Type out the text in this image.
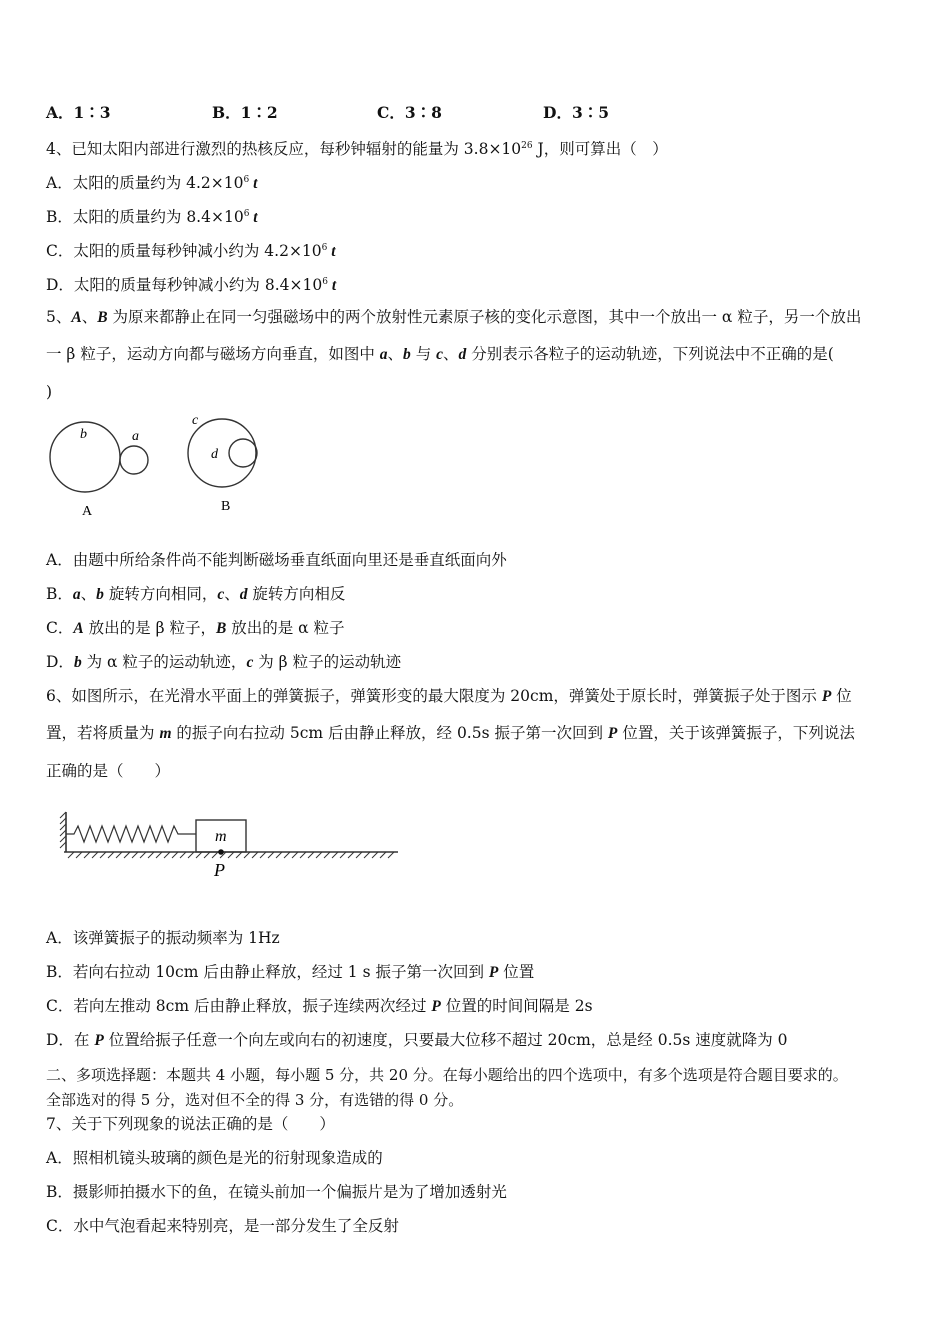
A．1∶3	B．1∶2	C．3∶8	D．3∶5
4、已知太阳内部进行激烈的热核反应，每秒钟辐射的能量为 $3.8\times 10^{26}$ J，则可算出（　）
A．太阳的质量约为 $4.2\times 10^6$ t
B．太阳的质量约为 $8.4\times 10^6$ t
C．太阳的质量每秒钟减小约为 $4.2\times 10^6$ t
D．太阳的质量每秒钟减小约为 $8.4\times 10^6$ t
5、A、B 为原来都静止在同一匀强磁场中的两个放射性元素原子核的变化示意图，其中一个放出一 α 粒子，另一个放出
一 β 粒子，运动方向都与磁场方向垂直，如图中 a、b 与 c、d 分别表示各粒子的运动轨迹，下列说法中不正确的是(
)
b	a
A
c
d
B
A．由题中所给条件尚不能判断磁场垂直纸面向里还是垂直纸面向外
B．a、b 旋转方向相同，c、d 旋转方向相反
C．A 放出的是 β 粒子，B 放出的是 α 粒子
D．b 为 α 粒子的运动轨迹，c 为 β 粒子的运动轨迹
6、如图所示，在光滑水平面上的弹簧振子，弹簧形变的最大限度为 20cm，弹簧处于原长时，弹簧振子处于图示 P 位
置，若将质量为 m 的振子向右拉动 5cm 后由静止释放，经 0.5s 振子第一次回到 P 位置，关于该弹簧振子，下列说法
正确的是（　　）
m
P
A．该弹簧振子的振动频率为 1Hz
B．若向右拉动 10cm 后由静止释放，经过 1 s 振子第一次回到 P 位置
C．若向左推动 8cm 后由静止释放，振子连续两次经过 P 位置的时间间隔是 2s
D．在 P 位置给振子任意一个向左或向右的初速度，只要最大位移不超过 20cm，总是经 0.5s 速度就降为 0
二、多项选择题：本题共 4 小题，每小题 5 分，共 20 分。在每小题给出的四个选项中，有多个选项是符合题目要求的。
全部选对的得 5 分，选对但不全的得 3 分，有选错的得 0 分。
7、关于下列现象的说法正确的是（　　）
A．照相机镜头玻璃的颜色是光的衍射现象造成的
B．摄影师拍摄水下的鱼，在镜头前加一个偏振片是为了增加透射光
C．水中气泡看起来特别亮，是一部分发生了全反射
